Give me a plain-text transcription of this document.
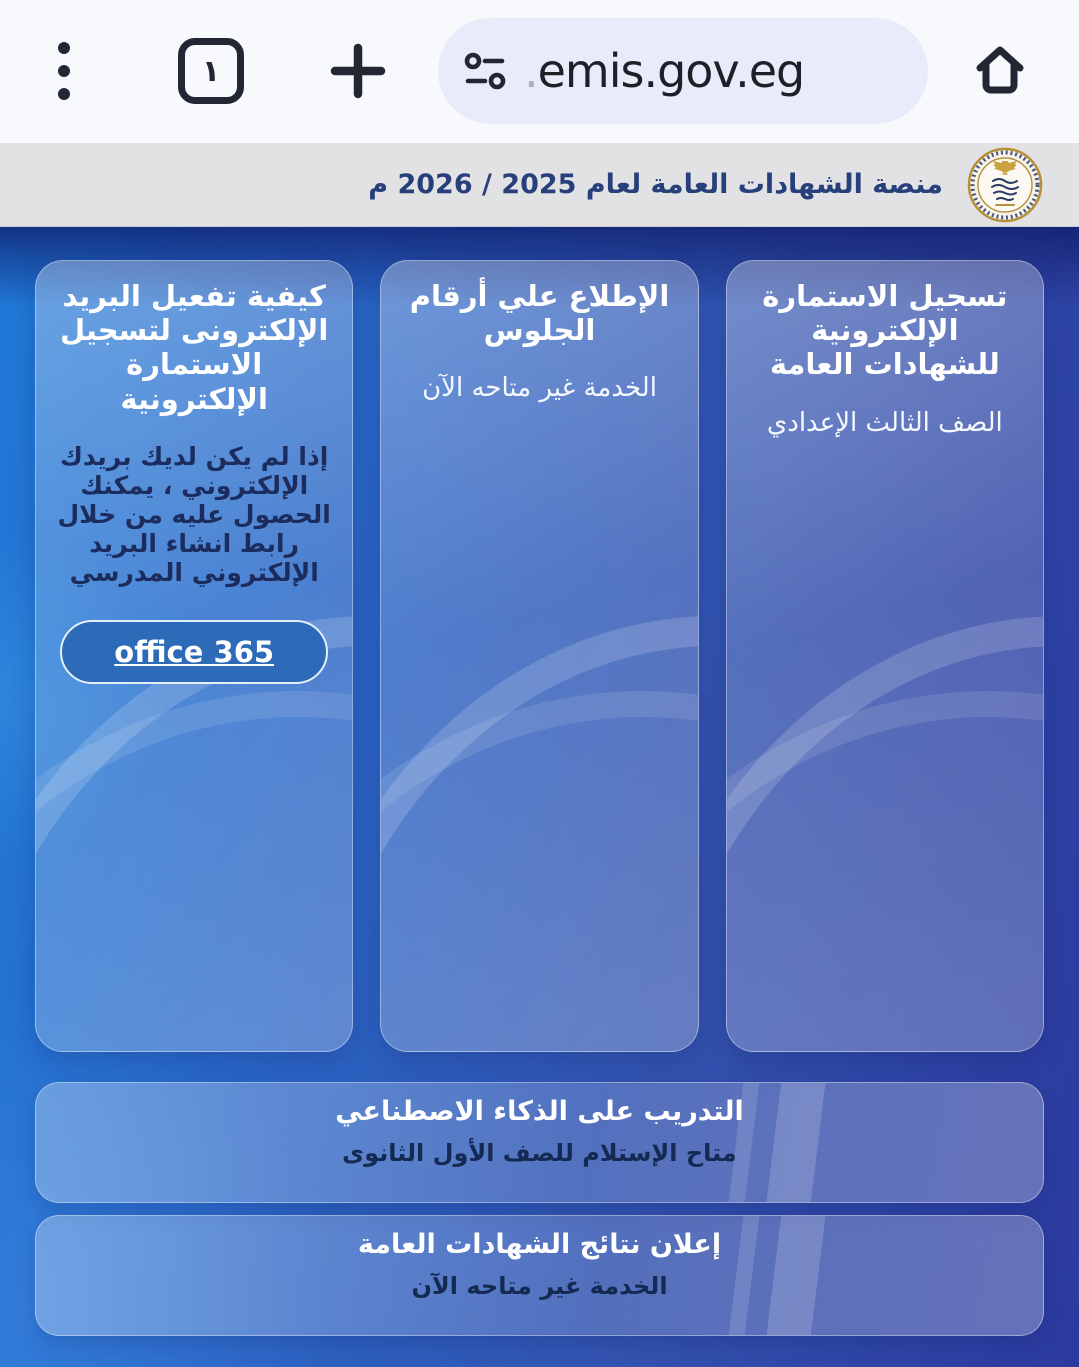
١	. emis.gov.eg
منصة الشهادات العامة لعام 2025 / 2026 م
تسجيل الاستمارة الإلكترونية للشهادات العامة
الصف الثالث الإعدادي
الإطلاع علي أرقام الجلوس
الخدمة غير متاحه الآن
كيفية تفعيل البريد الإلكترونى لتسجيل الاستمارة الإلكترونية
إذا لم يكن لديك بريدك الإلكتروني ، يمكنك الحصول عليه من خلال رابط انشاء البريد الإلكتروني المدرسي
office 365
التدريب على الذكاء الاصطناعي
متاح الإستلام للصف الأول الثانوى
إعلان نتائج الشهادات العامة
الخدمة غير متاحه الآن
